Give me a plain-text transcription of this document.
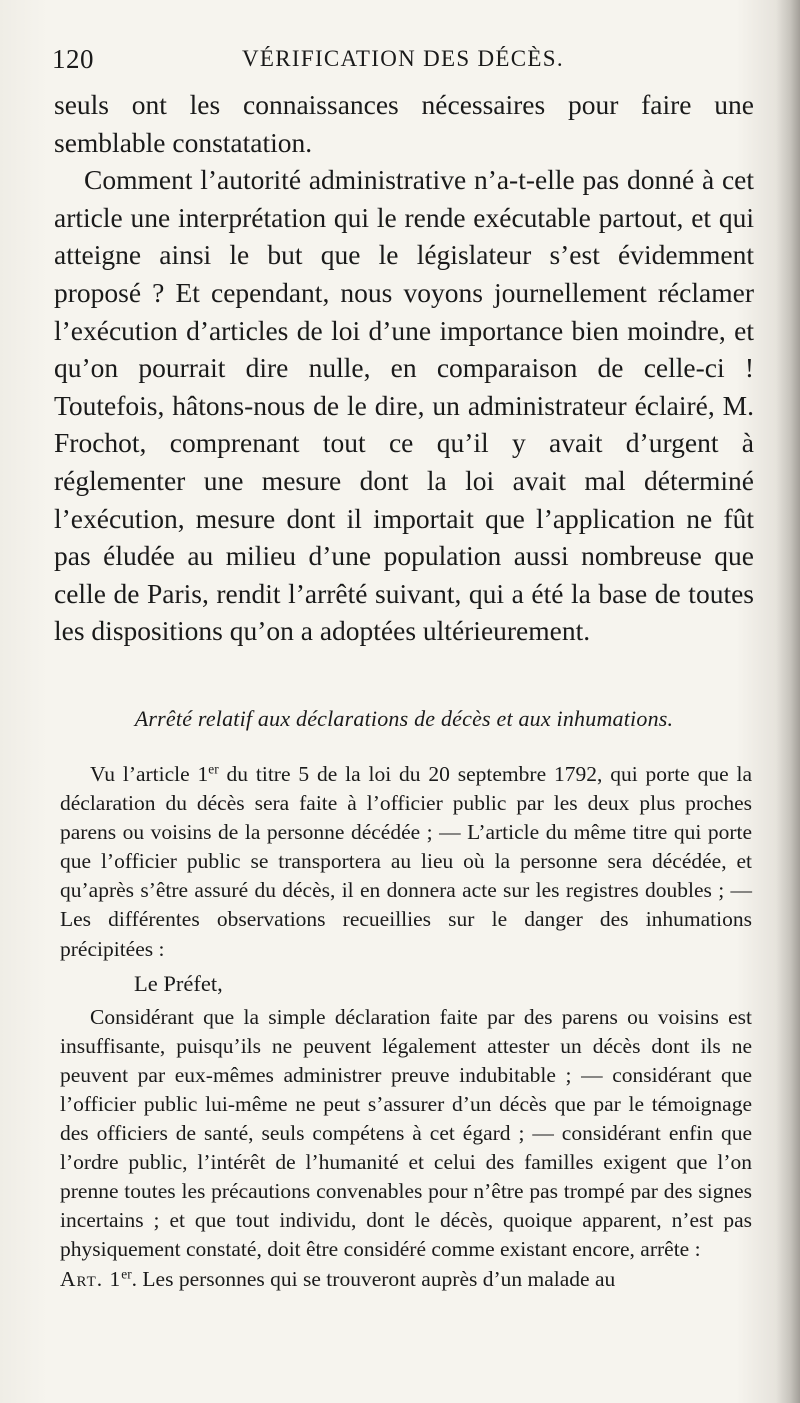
120	VÉRIFICATION DES DÉCÈS.

seuls ont les connaissances nécessaires pour faire une semblable constatation.

Comment l’autorité administrative n’a-t-elle pas donné à cet article une interprétation qui le rende exécutable partout, et qui atteigne ainsi le but que le législateur s’est évidemment proposé ? Et cependant, nous voyons journellement réclamer l’exécution d’articles de loi d’une importance bien moindre, et qu’on pourrait dire nulle, en comparaison de celle-ci ! Toutefois, hâtons-nous de le dire, un administrateur éclairé, M. Frochot, comprenant tout ce qu’il y avait d’urgent à réglementer une mesure dont la loi avait mal déterminé l’exécution, mesure dont il importait que l’application ne fût pas éludée au milieu d’une population aussi nombreuse que celle de Paris, rendit l’arrêté suivant, qui a été la base de toutes les dispositions qu’on a adoptées ultérieurement.

Arrêté relatif aux déclarations de décès et aux inhumations.

Vu l’article 1er du titre 5 de la loi du 20 septembre 1792, qui porte que la déclaration du décès sera faite à l’officier public par les deux plus proches parens ou voisins de la personne décédée ; — L’article du même titre qui porte que l’officier public se transportera au lieu où la personne sera décédée, et qu’après s’être assuré du décès, il en donnera acte sur les registres doubles ; — Les différentes observations recueillies sur le danger des inhumations précipitées :

Le Préfet,

Considérant que la simple déclaration faite par des parens ou voisins est insuffisante, puisqu’ils ne peuvent légalement attester un décès dont ils ne peuvent par eux-mêmes administrer preuve indubitable ; — considérant que l’officier public lui-même ne peut s’assurer d’un décès que par le témoignage des officiers de santé, seuls compétens à cet égard ; — considérant enfin que l’ordre public, l’intérêt de l’humanité et celui des familles exigent que l’on prenne toutes les précautions convenables pour n’être pas trompé par des signes incertains ; et que tout individu, dont le décès, quoique apparent, n’est pas physiquement constaté, doit être considéré comme existant encore, arrête :

Art. 1er. Les personnes qui se trouveront auprès d’un malade au
